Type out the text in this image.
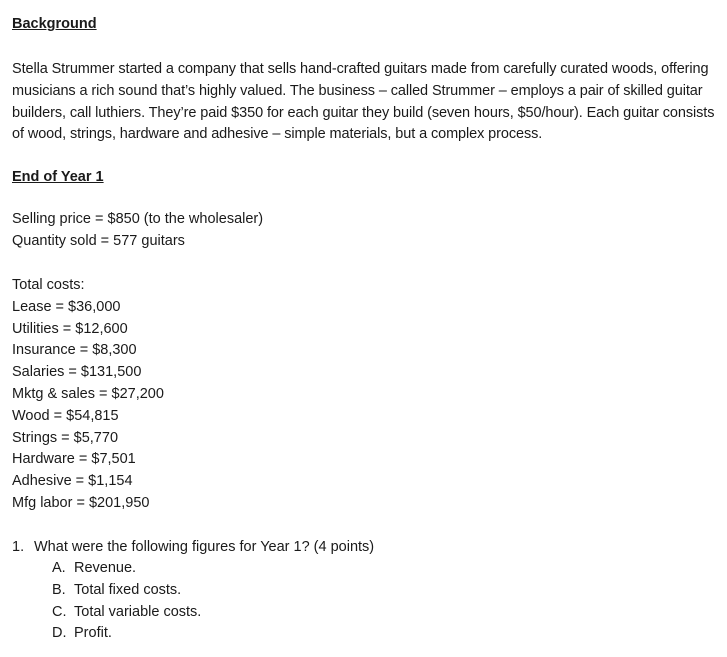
Background

Stella Strummer started a company that sells hand-crafted guitars made from carefully curated woods, offering musicians a rich sound that’s highly valued. The business – called Strummer – employs a pair of skilled guitar builders, call luthiers. They’re paid $350 for each guitar they build (seven hours, $50/hour). Each guitar consists of wood, strings, hardware and adhesive – simple materials, but a complex process.

End of Year 1
Selling price = $850 (to the wholesaler)
Quantity sold = 577 guitars
Total costs:
Lease = $36,000
Utilities = $12,600
Insurance = $8,300
Salaries = $131,500
Mktg & sales = $27,200
Wood = $54,815
Strings = $5,770
Hardware = $7,501
Adhesive = $1,154
Mfg labor = $201,950
1. What were the following figures for Year 1? (4 points)
A. Revenue.
B. Total fixed costs.
C. Total variable costs.
D. Profit.
